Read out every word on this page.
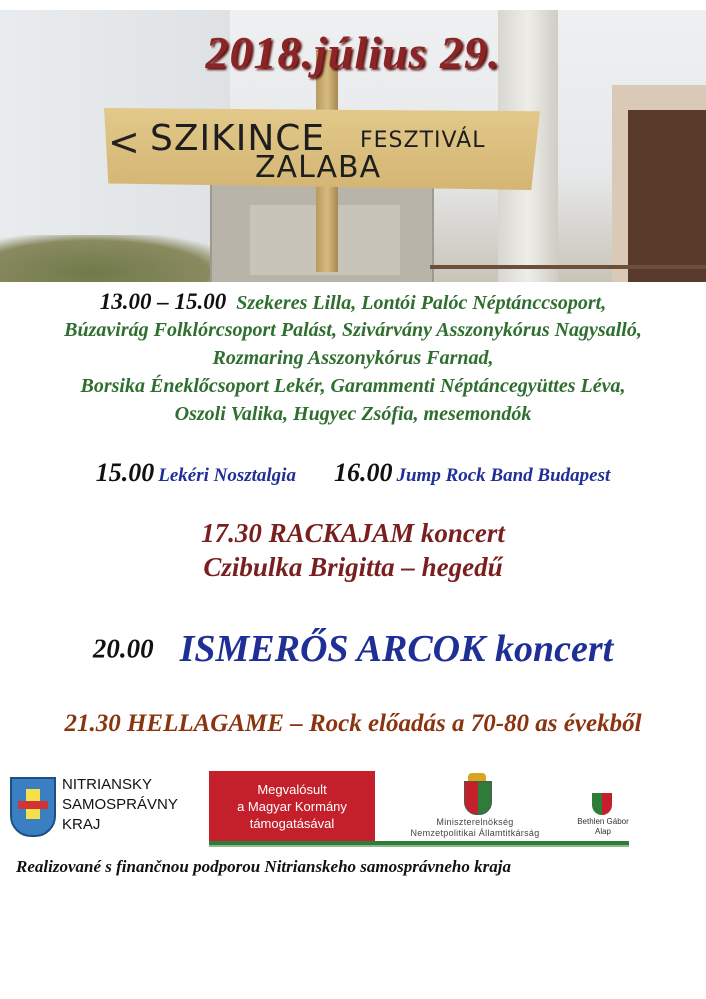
< SZIKINCE FESZTIVÁL
ZALABA
2018.július 29.
13.00 – 15.00 Szekeres Lilla, Lontói Palóc Néptánccsoport,
Búzavirág Folklórcsoport Palást, Szivárvány Asszonykórus Nagysalló,
Rozmaring Asszonykórus Farnad,
Borsika Éneklőcsoport Lekér, Garammenti Néptáncegyüttes Léva,
Oszoli Valika, Hugyec Zsófia, mesemondók
15.00 Lekéri Nosztalgia 16.00 Jump Rock Band Budapest
17.30 RACKAJAM koncert
Czibulka Brigitta – hegedű
20.00 ISMERŐS ARCOK koncert
21.30 HELLAGAME – Rock előadás a 70-80 as évekből
NITRIANSKY
SAMOSPRÁVNY
KRAJ
Megvalósult
a Magyar Kormány
támogatásával	Miniszterelnökség
Nemzetpolitikai Államtitkárság
Bethlen Gábor
Alap
Realizované s finančnou podporou Nitrianskeho samosprávneho kraja
